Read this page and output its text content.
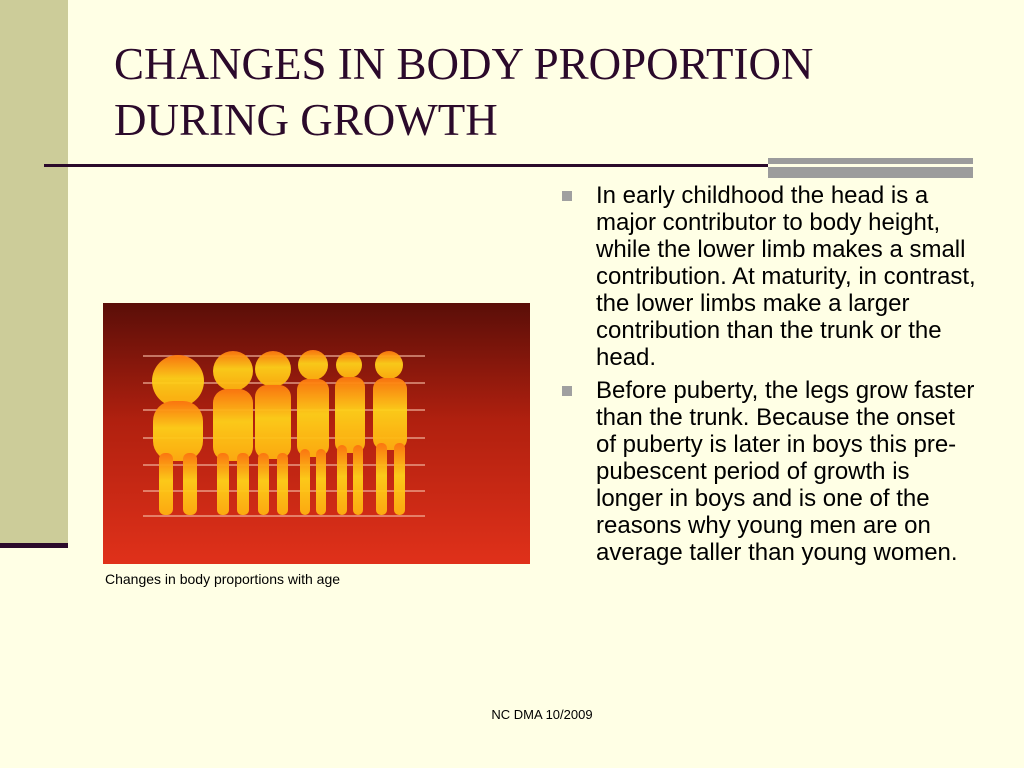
CHANGES IN BODY PROPORTION DURING GROWTH

Changes in body proportions with age

In early childhood the head is a major contributor to body height, while the lower limb makes a small contribution. At maturity, in contrast, the lower limbs make a larger contribution than the trunk or the head.
Before puberty, the legs grow faster than the trunk. Because the onset of puberty is later in boys this pre-pubescent period of growth is longer in boys and is one of the reasons why young men are on average taller than young women.
NC DMA 10/2009
